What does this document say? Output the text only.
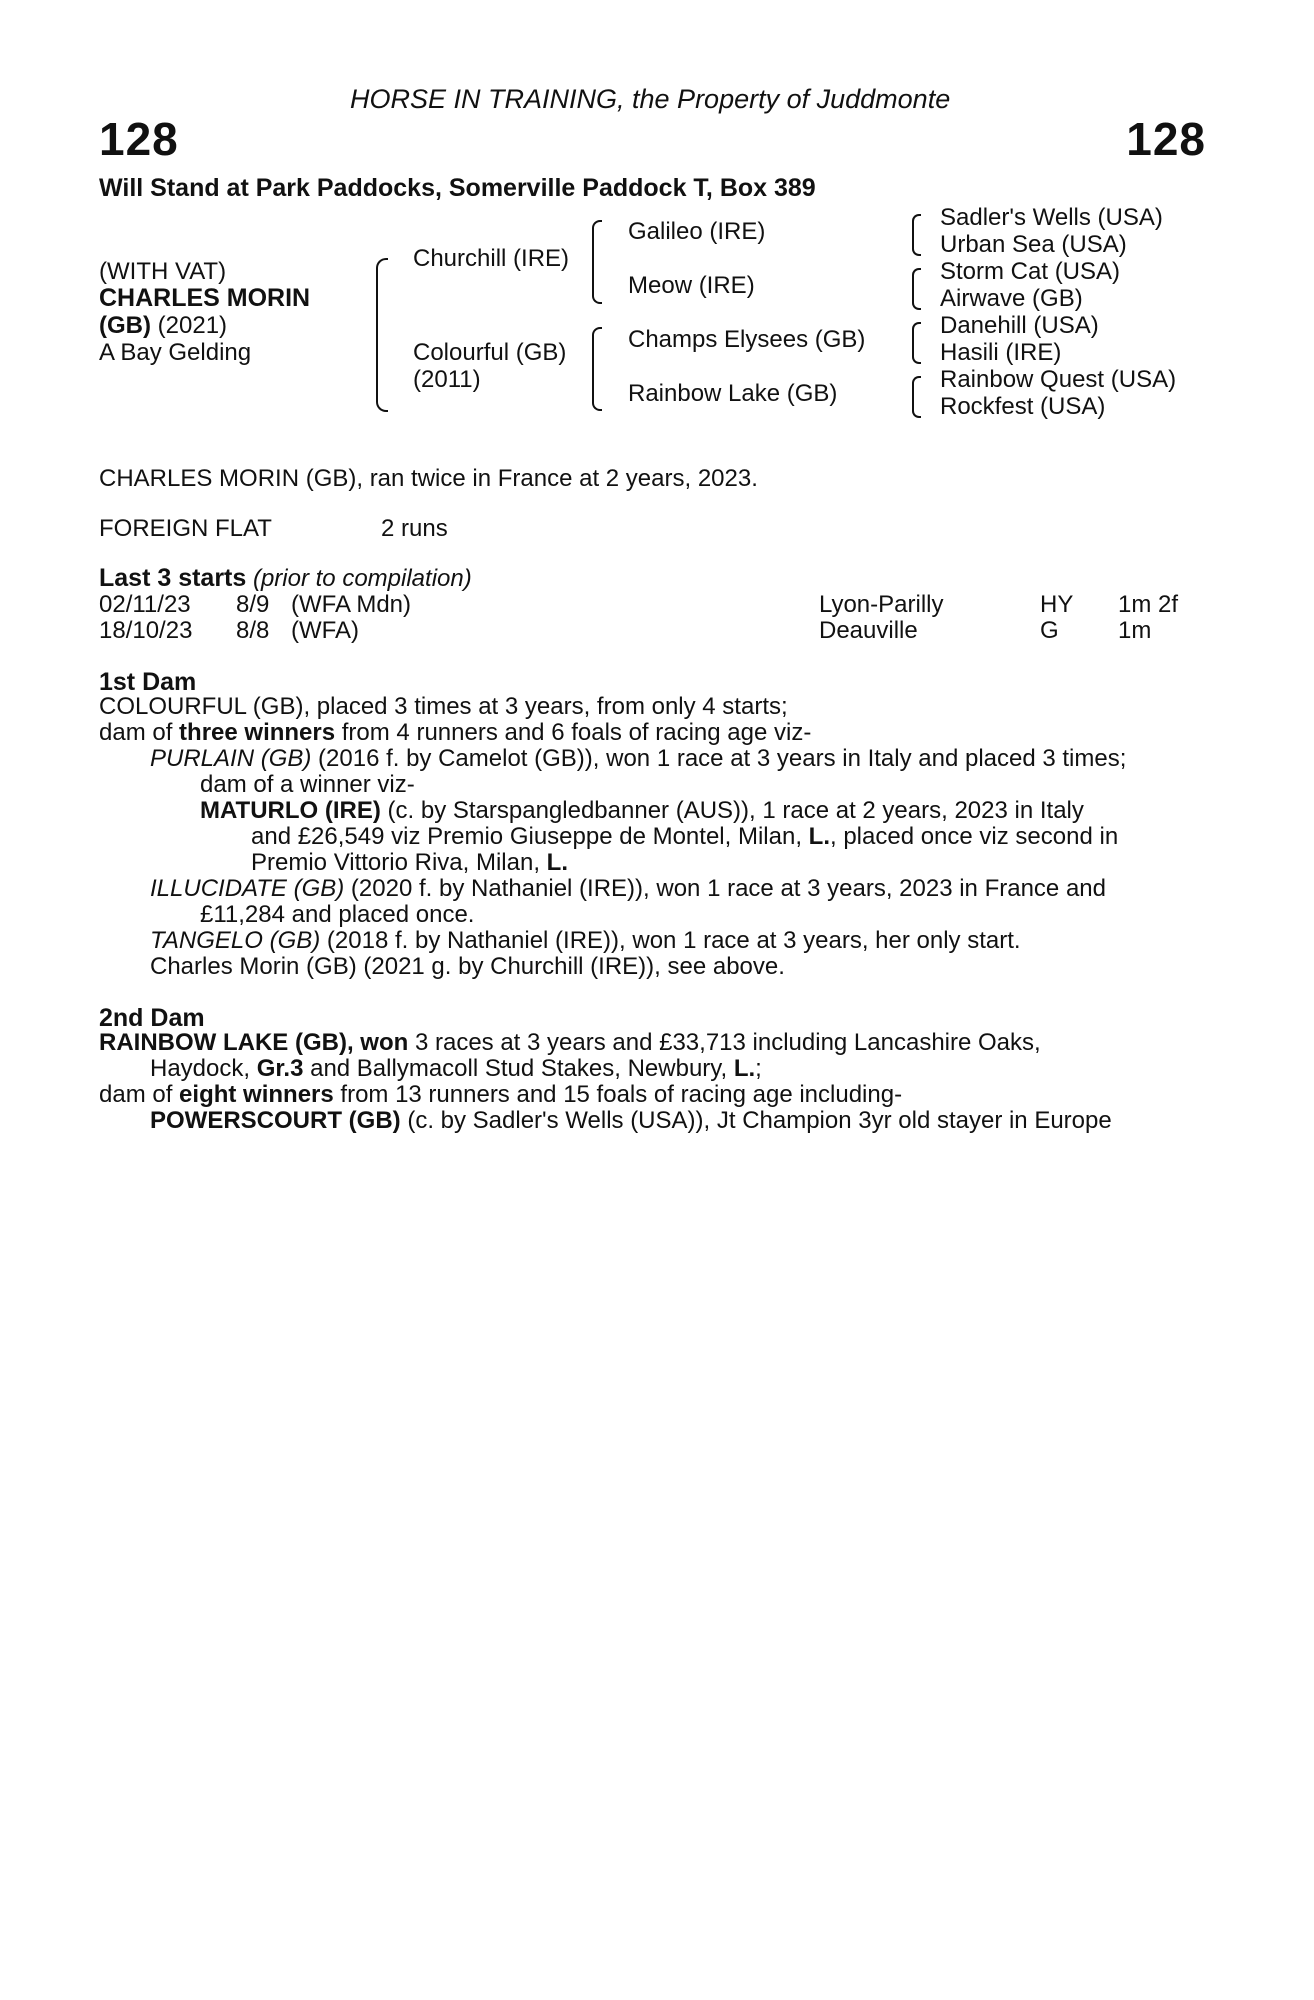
HORSE IN TRAINING, the Property of Juddmonte
128	128
Will Stand at Park Paddocks, Somerville Paddock T, Box 389
(WITH VAT)
CHARLES MORIN
(GB) (2021)
A Bay Gelding
Churchill (IRE)
Colourful (GB)
(2011)
Galileo (IRE)
Meow (IRE)
Champs Elysees (GB)
Rainbow Lake (GB)
Sadler's Wells (USA)
Urban Sea (USA)
Storm Cat (USA)
Airwave (GB)
Danehill (USA)
Hasili (IRE)
Rainbow Quest (USA)
Rockfest (USA)
CHARLES MORIN (GB), ran twice in France at 2 years, 2023.
FOREIGN FLAT	2 runs
Last 3 starts (prior to compilation)
02/11/23 8/9 (WFA Mdn)	Lyon-Parilly	HY 1m 2f
18/10/23 8/8 (WFA)	Deauville	G 1m
1st Dam
COLOURFUL (GB), placed 3 times at 3 years, from only 4 starts;
dam of three winners from 4 runners and 6 foals of racing age viz-
PURLAIN (GB) (2016 f. by Camelot (GB)), won 1 race at 3 years in Italy and placed 3 times;
dam of a winner viz-
MATURLO (IRE) (c. by Starspangledbanner (AUS)), 1 race at 2 years, 2023 in Italy
and £26,549 viz Premio Giuseppe de Montel, Milan, L., placed once viz second in
Premio Vittorio Riva, Milan, L.
ILLUCIDATE (GB) (2020 f. by Nathaniel (IRE)), won 1 race at 3 years, 2023 in France and
£11,284 and placed once.
TANGELO (GB) (2018 f. by Nathaniel (IRE)), won 1 race at 3 years, her only start.
Charles Morin (GB) (2021 g. by Churchill (IRE)), see above.
2nd Dam
RAINBOW LAKE (GB), won 3 races at 3 years and £33,713 including Lancashire Oaks,
Haydock, Gr.3 and Ballymacoll Stud Stakes, Newbury, L.;
dam of eight winners from 13 runners and 15 foals of racing age including-
POWERSCOURT (GB) (c. by Sadler's Wells (USA)), Jt Champion 3yr old stayer in Europe
